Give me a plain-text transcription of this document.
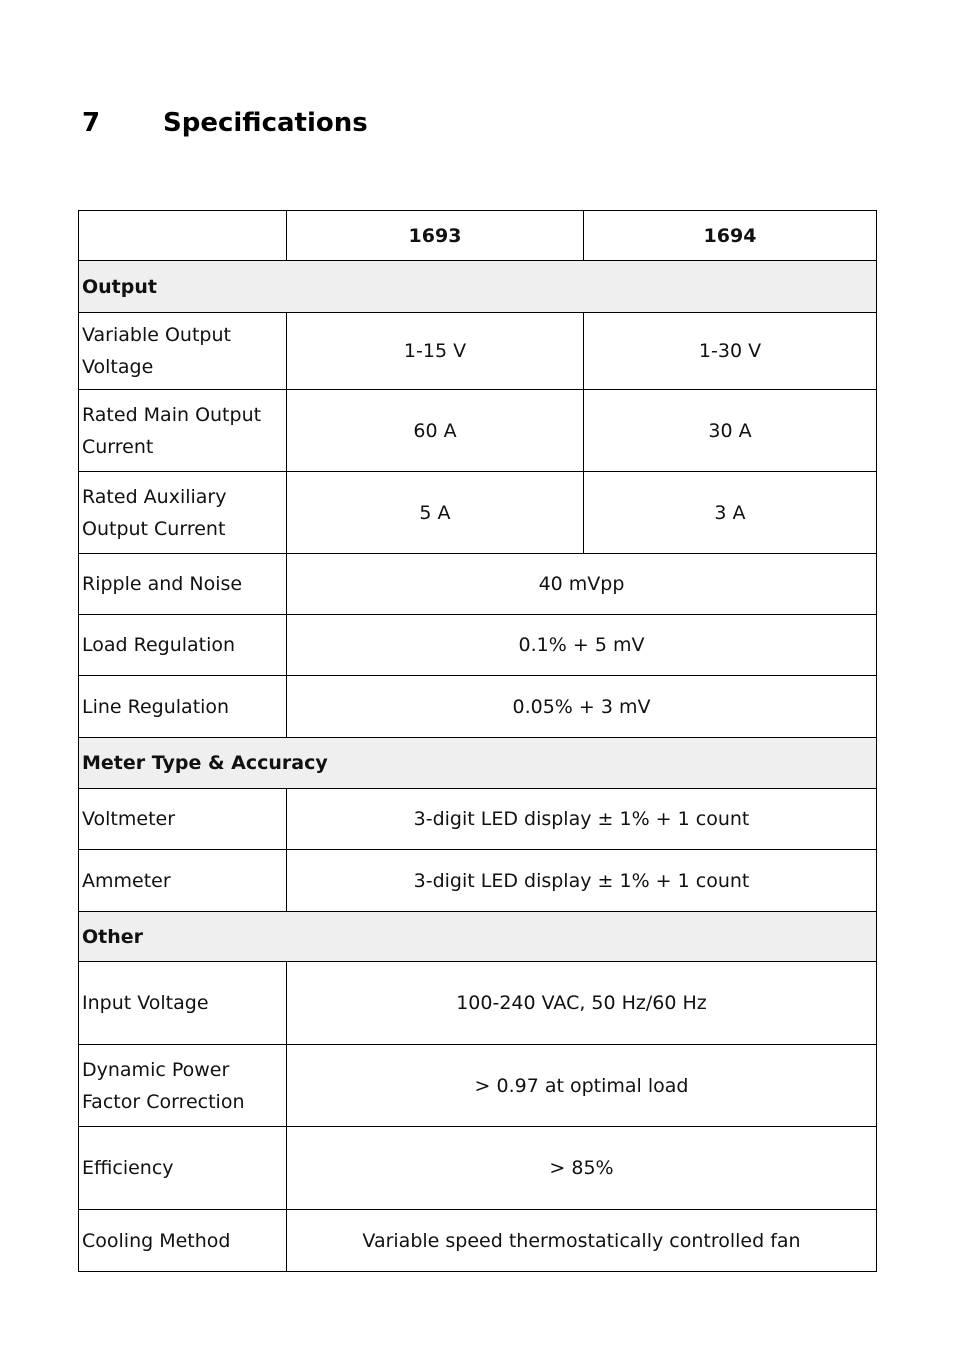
7 Specifications
	1693	1694
Output		
Variable Output Voltage	1-15 V	1-30 V
Rated Main Output Current	60 A	30 A
Rated Auxiliary Output Current	5 A	3 A
Ripple and Noise	40 mVpp	
Load Regulation	0.1% + 5 mV	
Line Regulation	0.05% + 3 mV	
Meter Type & Accuracy		
Voltmeter	3-digit LED display ± 1% + 1 count	
Ammeter	3-digit LED display ± 1% + 1 count	
Other		
Input Voltage	100-240 VAC, 50 Hz/60 Hz	
Dynamic Power Factor Correction	> 0.97 at optimal load	
Efficiency	> 85%	
Cooling Method	Variable speed thermostatically controlled fan	
